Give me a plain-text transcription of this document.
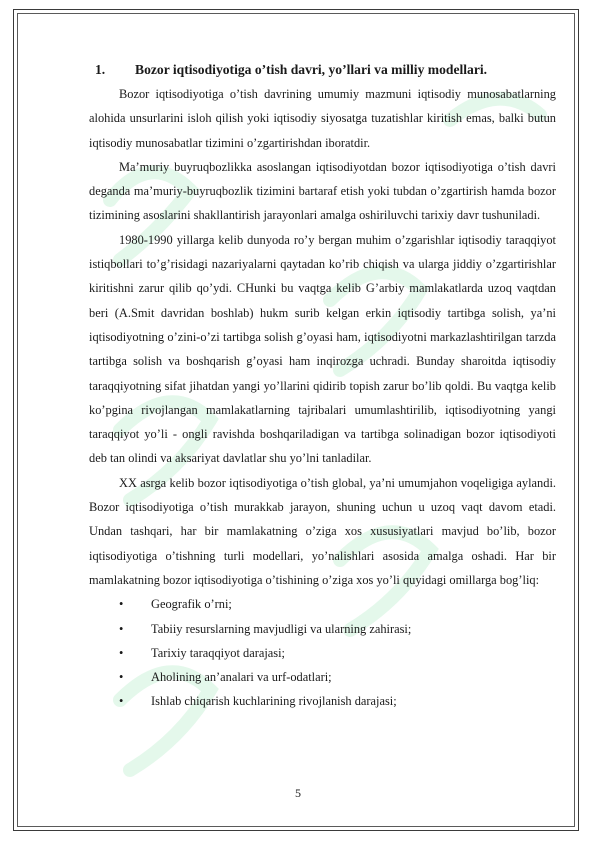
1.	Bozor iqtisodiyotiga o’tish davri, yo’llari va milliy modellari.

Bozor iqtisodiyotiga o’tish davrining umumiy mazmuni iqtisodiy munosabatlarning alohida unsurlarini isloh qilish yoki iqtisodiy siyosatga tuzatishlar kiritish emas, balki butun iqtisodiy munosabatlar tizimini o’zgartirishdan iboratdir.

Ma’muriy buyruqbozlikka asoslangan iqtisodiyotdan bozor iqtisodiyotiga o’tish davri deganda ma’muriy-buyruqbozlik tizimini bartaraf etish yoki tubdan o’zgartirish hamda bozor tizimining asoslarini shakllantirish jarayonlari amalga oshiriluvchi tarixiy davr tushuniladi.

1980-1990 yillarga kelib dunyoda ro’y bergan muhim o’zgarishlar iqtisodiy taraqqiyot istiqbollari to’g’risidagi nazariyalarni qaytadan ko’rib chiqish va ularga jiddiy o’zgartirishlar kiritishni zarur qilib qo’ydi. CHunki bu vaqtga kelib G’arbiy mamlakatlarda uzoq vaqtdan beri (A.Smit davridan boshlab) hukm surib kelgan erkin iqtisodiy tartibga solish, ya’ni iqtisodiyotning o’zini-o’zi tartibga solish g’oyasi ham, iqtisodiyotni markazlashtirilgan tarzda tartibga solish va boshqarish g’oyasi ham inqirozga uchradi. Bunday sharoitda iqtisodiy taraqqiyotning sifat jihatdan yangi yo’llarini qidirib topish zarur bo’lib qoldi. Bu vaqtga kelib ko’pgina rivojlangan mamlakatlarning tajribalari umumlashtirilib, iqtisodiyotning yangi taraqqiyot yo’li - ongli ravishda boshqariladigan va tartibga solinadigan bozor iqtisodiyoti deb tan olindi va aksariyat davlatlar shu yo’lni tanladilar.

XX asrga kelib bozor iqtisodiyotiga o’tish global, ya’ni umumjahon voqeligiga aylandi. Bozor iqtisodiyotiga o’tish murakkab jarayon, shuning uchun u uzoq vaqt davom etadi. Undan tashqari, har bir mamlakatning o’ziga xos xususiyatlari mavjud bo’lib, bozor iqtisodiyotiga o’tishning turli modellari, yo’nalishlari asosida amalga oshadi. Har bir mamlakatning bozor iqtisodiyotiga o’tishining o’ziga xos yo’li quyidagi omillarga bog’liq:

•	Geografik o’rni;
•	Tabiiy resurslarning mavjudligi va ularning zahirasi;
•	Tarixiy taraqqiyot darajasi;
•	Aholining an’analari va urf-odatlari;
•	Ishlab chiqarish kuchlarining rivojlanish darajasi;
5
